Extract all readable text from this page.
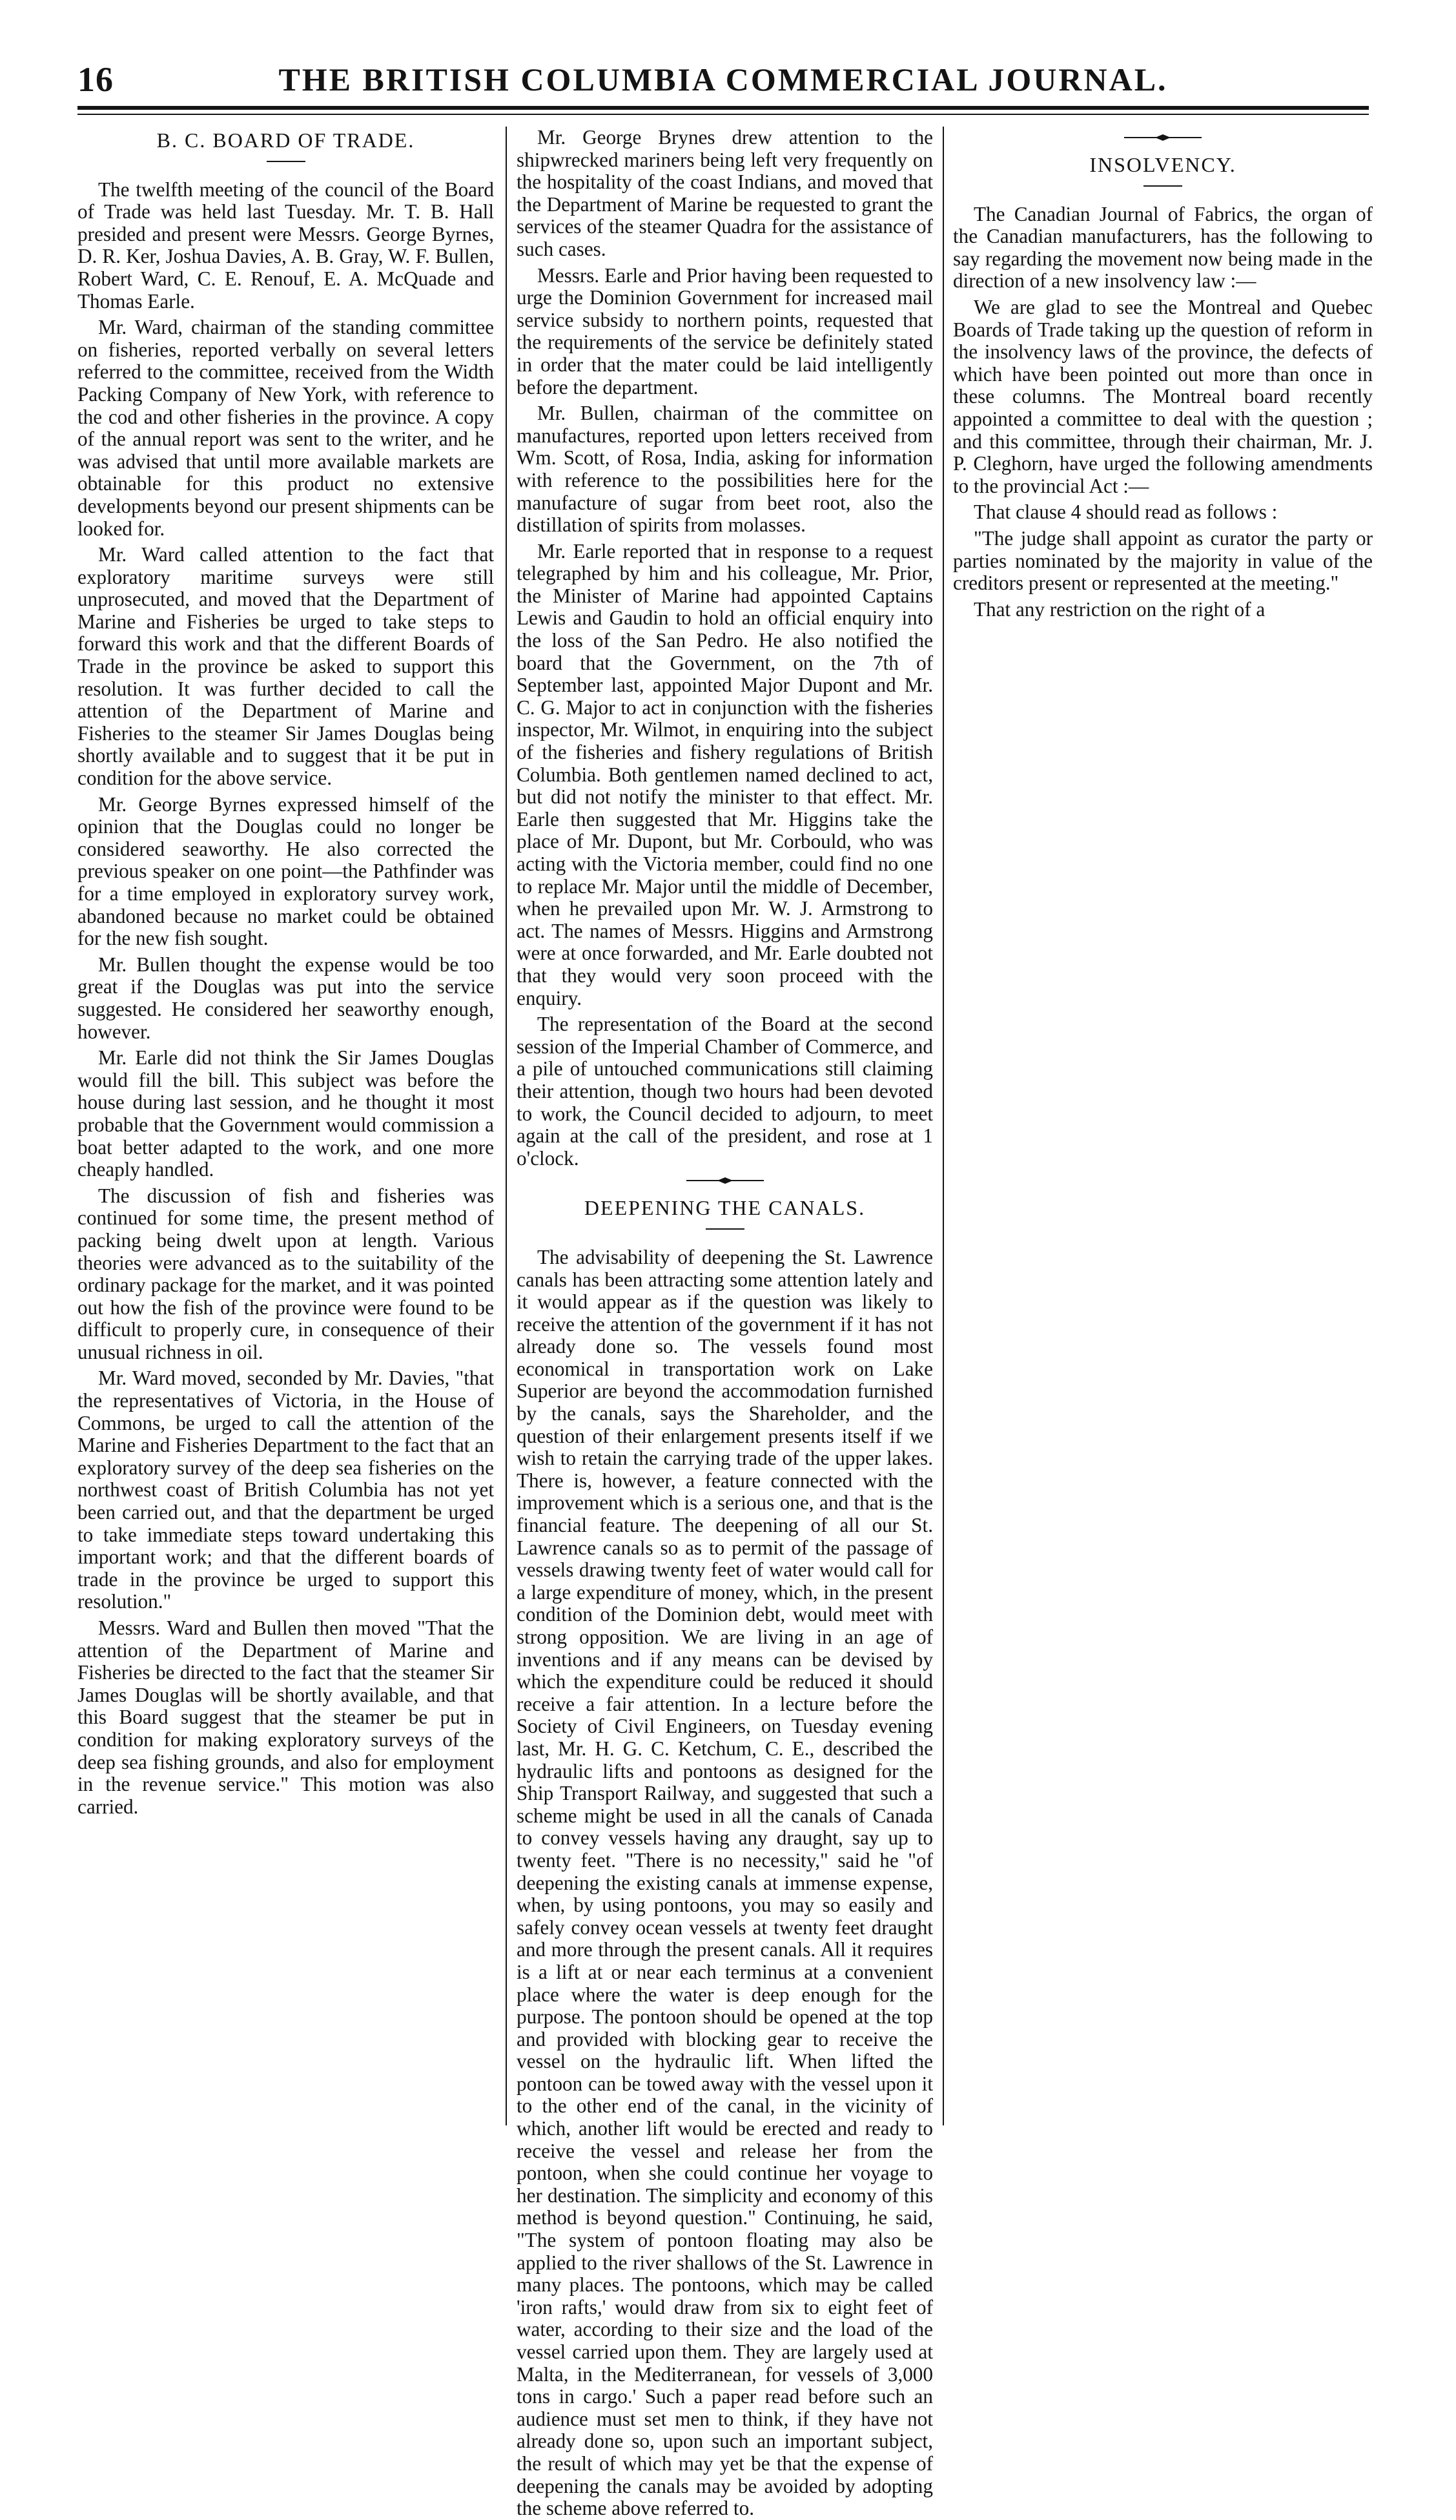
16	THE BRITISH COLUMBIA COMMERCIAL JOURNAL.
B. C. BOARD OF TRADE.

The twelfth meeting of the council of the Board of Trade was held last Tuesday. Mr. T. B. Hall presided and present were Messrs. George Byrnes, D. R. Ker, Joshua Davies, A. B. Gray, W. F. Bullen, Robert Ward, C. E. Renouf, E. A. McQuade and Thomas Earle.

Mr. Ward, chairman of the standing committee on fisheries, reported verbally on several letters referred to the committee, received from the Width Packing Company of New York, with reference to the cod and other fisheries in the province. A copy of the annual report was sent to the writer, and he was advised that until more available markets are obtainable for this product no extensive developments beyond our present shipments can be looked for.

Mr. Ward called attention to the fact that exploratory maritime surveys were still unprosecuted, and moved that the Department of Marine and Fisheries be urged to take steps to forward this work and that the different Boards of Trade in the province be asked to support this resolution. It was further decided to call the attention of the Department of Marine and Fisheries to the steamer Sir James Douglas being shortly available and to suggest that it be put in condition for the above service.

Mr. George Byrnes expressed himself of the opinion that the Douglas could no longer be considered seaworthy. He also corrected the previous speaker on one point—the Pathfinder was for a time employed in exploratory survey work, abandoned because no market could be obtained for the new fish sought.

Mr. Bullen thought the expense would be too great if the Douglas was put into the service suggested. He considered her seaworthy enough, however.

Mr. Earle did not think the Sir James Douglas would fill the bill. This subject was before the house during last session, and he thought it most probable that the Government would commission a boat better adapted to the work, and one more cheaply handled.

The discussion of fish and fisheries was continued for some time, the present method of packing being dwelt upon at length. Various theories were advanced as to the suitability of the ordinary package for the market, and it was pointed out how the fish of the province were found to be difficult to properly cure, in consequence of their unusual richness in oil.

Mr. Ward moved, seconded by Mr. Davies, "that the representatives of Victoria, in the House of Commons, be urged to call the attention of the Marine and Fisheries Department to the fact that an exploratory survey of the deep sea fisheries on the northwest coast of British Columbia has not yet been carried out, and that the department be urged to take immediate steps toward undertaking this important work; and that the different boards of trade in the province be urged to support this resolution."

Messrs. Ward and Bullen then moved "That the attention of the Department of Marine and Fisheries be directed to the fact that the steamer Sir James Douglas will be shortly available, and that this Board suggest that the steamer be put in condition for making exploratory surveys of the deep sea fishing grounds, and also for employment in the revenue service." This motion was also carried.

Mr. George Brynes drew attention to the shipwrecked mariners being left very frequently on the hospitality of the coast Indians, and moved that the Department of Marine be requested to grant the services of the steamer Quadra for the assistance of such cases.

Messrs. Earle and Prior having been requested to urge the Dominion Government for increased mail service subsidy to northern points, requested that the requirements of the service be definitely stated in order that the mater could be laid intelligently before the department.

Mr. Bullen, chairman of the committee on manufactures, reported upon letters received from Wm. Scott, of Rosa, India, asking for information with reference to the possibilities here for the manufacture of sugar from beet root, also the distillation of spirits from molasses.

Mr. Earle reported that in response to a request telegraphed by him and his colleague, Mr. Prior, the Minister of Marine had appointed Captains Lewis and Gaudin to hold an official enquiry into the loss of the San Pedro. He also notified the board that the Government, on the 7th of September last, appointed Major Dupont and Mr. C. G. Major to act in conjunction with the fisheries inspector, Mr. Wilmot, in enquiring into the subject of the fisheries and fishery regulations of British Columbia. Both gentlemen named declined to act, but did not notify the minister to that effect. Mr. Earle then suggested that Mr. Higgins take the place of Mr. Dupont, but Mr. Corbould, who was acting with the Victoria member, could find no one to replace Mr. Major until the middle of December, when he prevailed upon Mr. W. J. Armstrong to act. The names of Messrs. Higgins and Armstrong were at once forwarded, and Mr. Earle doubted not that they would very soon proceed with the enquiry.

The representation of the Board at the second session of the Imperial Chamber of Commerce, and a pile of untouched communications still claiming their attention, though two hours had been devoted to work, the Council decided to adjourn, to meet again at the call of the president, and rose at 1 o'clock.

DEEPENING THE CANALS.

The advisability of deepening the St. Lawrence canals has been attracting some attention lately and it would appear as if the question was likely to receive the attention of the government if it has not already done so. The vessels found most economical in transportation work on Lake Superior are beyond the accommodation furnished by the canals, says the Shareholder, and the question of their enlargement presents itself if we wish to retain the carrying trade of the upper lakes. There is, however, a feature connected with the improvement which is a serious one, and that is the financial feature. The deepening of all our St. Lawrence canals so as to permit of the passage of vessels drawing twenty feet of water would call for a large expenditure of money, which, in the present condition of the Dominion debt, would meet with strong opposition. We are living in an age of inventions and if any means can be devised by which the expenditure could be reduced it should receive a fair attention. In a lecture before the Society of Civil Engineers, on Tuesday evening last, Mr. H. G. C. Ketchum, C. E., described the hydraulic lifts and pontoons as designed for the Ship Transport Railway, and suggested that such a scheme might be used in all the canals of Canada to convey vessels having any draught, say up to twenty feet. "There is no necessity," said he "of deepening the existing canals at immense expense, when, by using pontoons, you may so easily and safely convey ocean vessels at twenty feet draught and more through the present canals. All it requires is a lift at or near each terminus at a convenient place where the water is deep enough for the purpose. The pontoon should be opened at the top and provided with blocking gear to receive the vessel on the hydraulic lift. When lifted the pontoon can be towed away with the vessel upon it to the other end of the canal, in the vicinity of which, another lift would be erected and ready to receive the vessel and release her from the pontoon, when she could continue her voyage to her destination. The simplicity and economy of this method is beyond question." Continuing, he said, "The system of pontoon floating may also be applied to the river shallows of the St. Lawrence in many places. The pontoons, which may be called 'iron rafts,' would draw from six to eight feet of water, according to their size and the load of the vessel carried upon them. They are largely used at Malta, in the Mediterranean, for vessels of 3,000 tons in cargo.' Such a paper read before such an audience must set men to think, if they have not already done so, upon such an important subject, the result of which may yet be that the expense of deepening the canals may be avoided by adopting the scheme above referred to.

INSOLVENCY.

The Canadian Journal of Fabrics, the organ of the Canadian manufacturers, has the following to say regarding the movement now being made in the direction of a new insolvency law :—

We are glad to see the Montreal and Quebec Boards of Trade taking up the question of reform in the insolvency laws of the province, the defects of which have been pointed out more than once in these columns. The Montreal board recently appointed a committee to deal with the question ; and this committee, through their chairman, Mr. J. P. Cleghorn, have urged the following amendments to the provincial Act :—

That clause 4 should read as follows :

"The judge shall appoint as curator the party or parties nominated by the majority in value of the creditors present or represented at the meeting."

That any restriction on the right of a
